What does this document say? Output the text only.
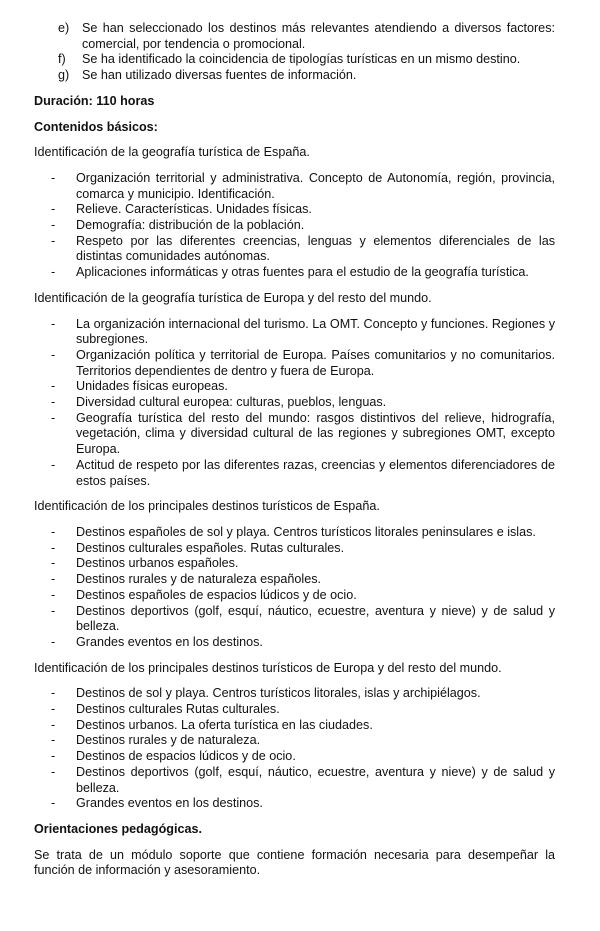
e)	Se han seleccionado los destinos más relevantes atendiendo a diversos factores: comercial, por tendencia o promocional.
f)	Se ha identificado la coincidencia de tipologías turísticas en un mismo destino.
g)	Se han utilizado diversas fuentes de información.
Duración: 110 horas
Contenidos básicos:
Identificación de la geografía turística de España.
-	Organización territorial y administrativa. Concepto de Autonomía, región, provincia, comarca y municipio. Identificación.
-	Relieve. Características. Unidades físicas.
-	Demografía: distribución de la población.
-	Respeto por las diferentes creencias, lenguas y elementos diferenciales de las distintas comunidades autónomas.
-	Aplicaciones informáticas y otras fuentes para el estudio de la geografía turística.
Identificación de la geografía turística de Europa y del resto del mundo.
-	La organización internacional del turismo. La OMT. Concepto y funciones. Regiones y subregiones.
-	Organización política y territorial de Europa. Países comunitarios y no comunitarios. Territorios dependientes de dentro y fuera de Europa.
-	Unidades físicas europeas.
-	Diversidad cultural europea: culturas, pueblos, lenguas.
-	Geografía turística del resto del mundo: rasgos distintivos del relieve, hidrografía, vegetación, clima y diversidad cultural de las regiones y subregiones OMT, excepto Europa.
-	Actitud de respeto por las diferentes razas, creencias y elementos diferenciadores de estos países.
Identificación de los principales destinos turísticos de España.
-	Destinos españoles de sol y playa. Centros turísticos litorales peninsulares e islas.
-	Destinos culturales españoles. Rutas culturales.
-	Destinos urbanos españoles.
-	Destinos rurales y de naturaleza españoles.
-	Destinos españoles de espacios lúdicos y de ocio.
-	Destinos deportivos (golf, esquí, náutico, ecuestre, aventura y nieve) y de salud y belleza.
-	Grandes eventos en los destinos.
Identificación de los principales destinos turísticos de Europa y del resto del mundo.
-	Destinos de sol y playa. Centros turísticos litorales, islas y archipiélagos.
-	Destinos culturales Rutas culturales.
-	Destinos urbanos. La oferta turística en las ciudades.
-	Destinos rurales y de naturaleza.
-	Destinos de espacios lúdicos y de ocio.
-	Destinos deportivos (golf, esquí, náutico, ecuestre, aventura y nieve) y de salud y belleza.
-	Grandes eventos en los destinos.
Orientaciones pedagógicas.
Se trata de un módulo soporte que contiene formación necesaria para desempeñar la función de información y asesoramiento.
